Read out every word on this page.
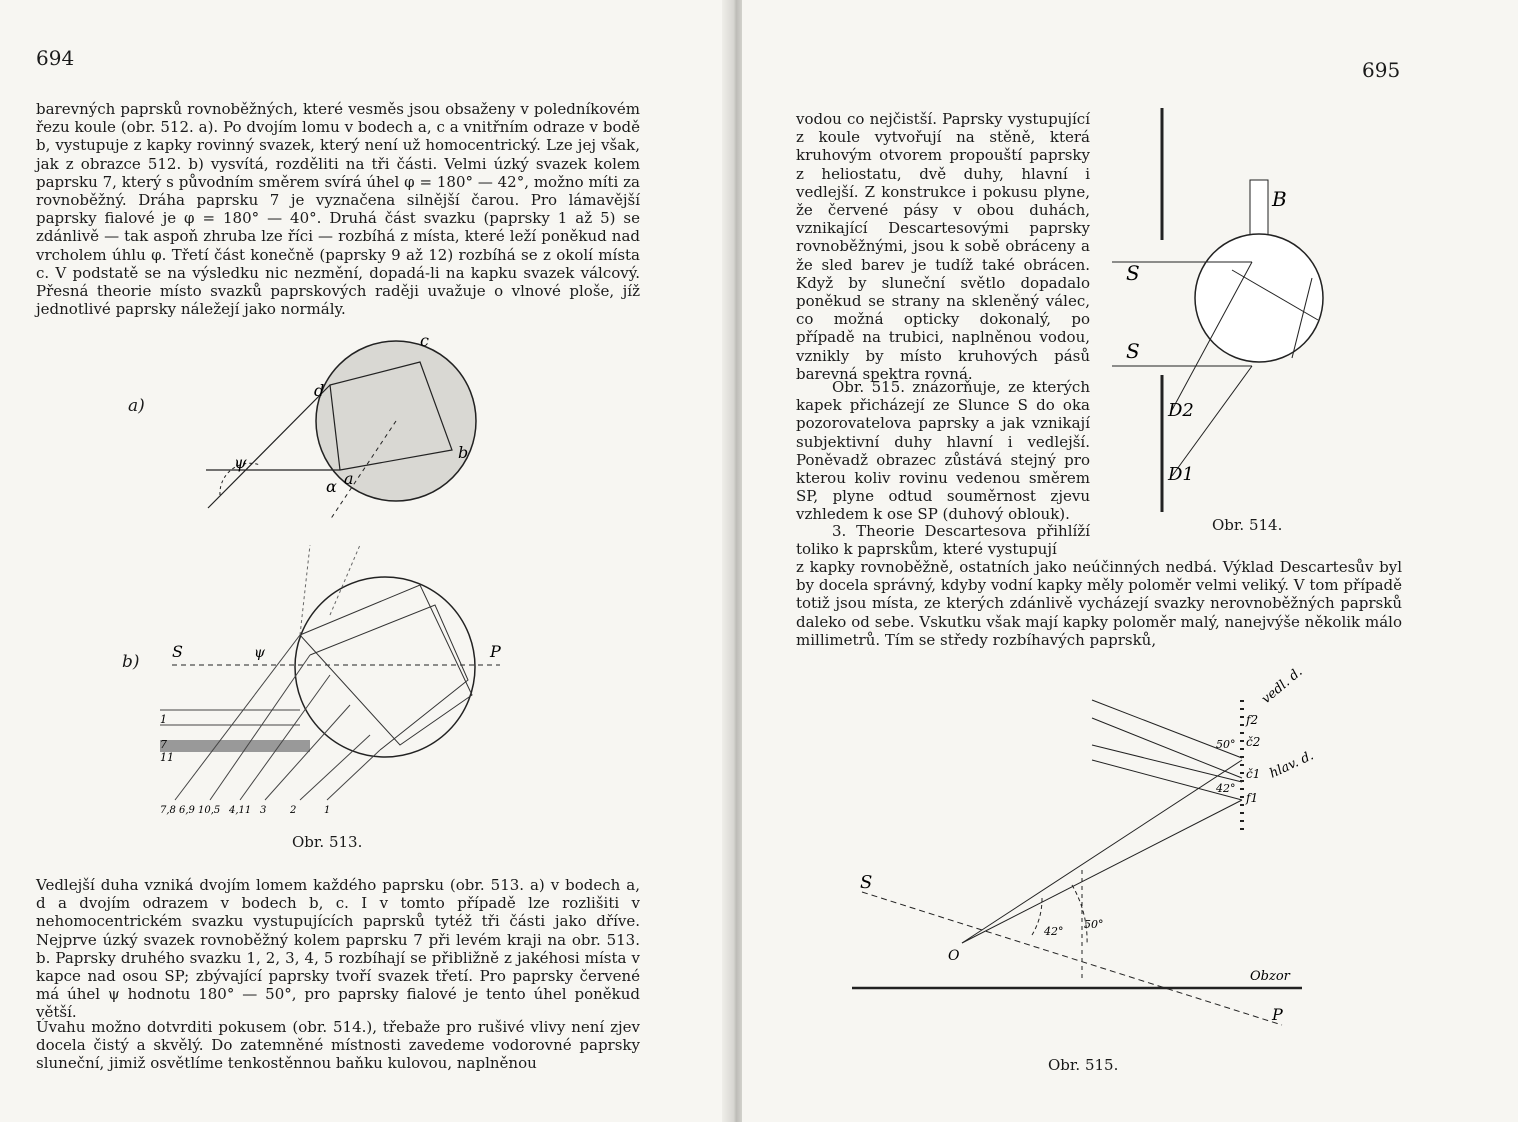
694
barevných paprsků rovnoběžných, které vesměs jsou obsaženy v poledníkovém řezu koule (obr. 512. a). Po dvojím lomu v bodech a, c a vnitřním odraze v bodě b, vystupuje z kapky rovinný svazek, který není už homocentrický. Lze jej však, jak z obrazce 512. b) vysvítá, rozděliti na tři části. Velmi úzký svazek kolem paprsku 7, který s původním směrem svírá úhel φ = 180° — 42°, možno míti za rovnoběžný. Dráha paprsku 7 je vyznačena silnější čarou. Pro lámavější paprsky fialové je φ = 180° — 40°. Druhá část svazku (paprsky 1 až 5) se zdánlivě — tak aspoň zhruba lze říci — rozbíhá z místa, které leží poněkud nad vrcholem úhlu φ. Třetí část konečně (paprsky 9 až 12) rozbíhá se z okolí místa c. V podstatě se na výsledku nic nezmění, dopadá-li na kapku svazek válcový. Přesná theorie místo svazků paprskových raději uvažuje o vlnové ploše, jíž jednotlivé paprsky náležejí jako normály.
a)
c
d
b
a
ψ
α
b)
S	P
ψ
1
7
11
7,8 6,9 10,5 4,11 3 2	1
Obr. 513.
Vedlejší duha vzniká dvojím lomem každého paprsku (obr. 513. a) v bodech a, d a dvojím odrazem v bodech b, c. I v tomto případě lze rozlišiti v nehomocentrickém svazku vystupujících paprsků tytéž tři části jako dříve. Nejprve úzký svazek rovnoběžný kolem paprsku 7 při levém kraji na obr. 513. b. Paprsky druhého svazku 1, 2, 3, 4, 5 rozbíhají se přibližně z jakéhosi místa v kapce nad osou SP; zbývající paprsky tvoří svazek třetí. Pro paprsky červené má úhel ψ hodnotu 180° — 50°, pro paprsky fialové je tento úhel poněkud větší.
Úvahu možno dotvrditi pokusem (obr. 514.), třebaže pro rušivé vlivy není zjev docela čistý a skvělý. Do zatemněné místnosti zavedeme vodorovné paprsky sluneční, jimiž osvětlíme tenkostěnnou baňku kulovou, naplněnou
695
vodou co nejčistší. Paprsky vystupující z koule vytvořují na stěně, která kruhovým otvorem propouští paprsky z heliostatu, dvě duhy, hlavní i vedlejší. Z konstrukce i pokusu plyne, že červené pásy v obou duhách, vznikající Descartesovými paprsky rovnoběžnými, jsou k sobě obráceny a že sled barev je tudíž také obrácen. Když by sluneční světlo dopadalo poněkud se strany na skleněný válec, co možná opticky dokonalý, po případě na trubici, naplněnou vodou, vznikly by místo kruhových pásů barevná spektra rovná.
Obr. 515. znázorňuje, ze kterých kapek přicházejí ze Slunce S do oka pozorovatelova paprsky a jak vznikají subjektivní duhy hlavní i vedlejší. Poněvadž obrazec zůstává stejný pro kterou koliv rovinu vedenou směrem SP, plyne odtud souměrnost zjevu vzhledem k ose SP (duhový oblouk).
3. Theorie Descartesova přihlíží toliko k paprskům, které vystupují
z kapky rovnoběžně, ostatních jako neúčinných nedbá. Výklad Descartesův byl by docela správný, kdyby vodní kapky měly poloměr velmi veliký. V tom případě totiž jsou místa, ze kterých zdánlivě vycházejí svazky nerovnoběžných paprsků daleko od sebe. Vskutku však mají kapky poloměr malý, nanejvýše několik málo millimetrů. Tím se středy rozbíhavých paprsků,
B
S
S
D2
D1
Obr. 514.
S
O
P
Obzor
50°
42°
42°
50°
vedl. d.
hlav. d.
f2
č2
č1
f1
Obr. 515.
